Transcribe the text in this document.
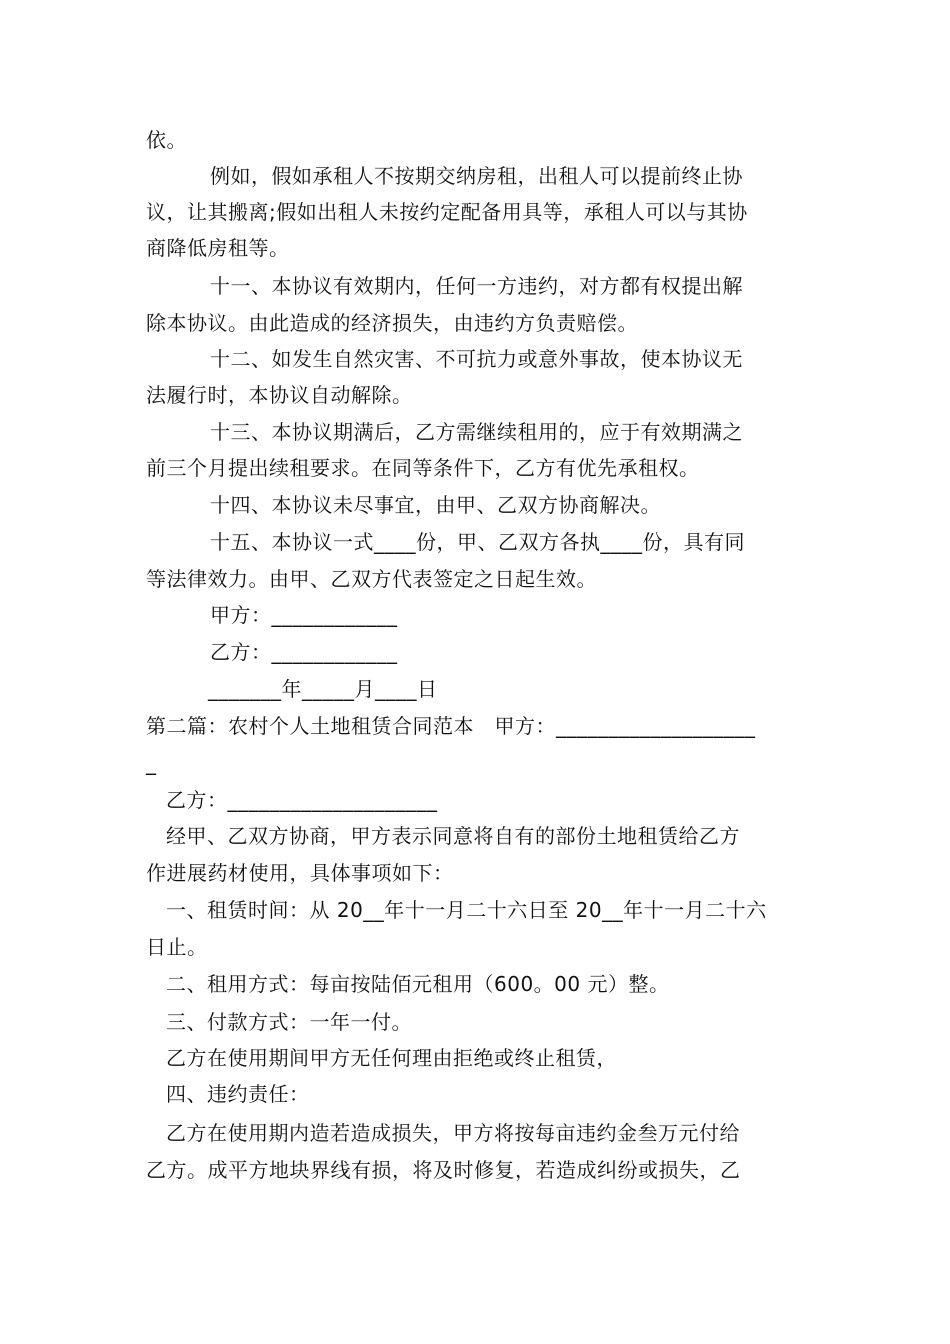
依。
例如，假如承租人不按期交纳房租，出租人可以提前终止协
议，让其搬离;假如出租人未按约定配备用具等，承租人可以与其协
商降低房租等。
十一、本协议有效期内，任何一方违约，对方都有权提出解
除本协议。由此造成的经济损失，由违约方负责赔偿。
十二、如发生自然灾害、不可抗力或意外事故，使本协议无
法履行时，本协议自动解除。
十三、本协议期满后，乙方需继续租用的，应于有效期满之
前三个月提出续租要求。在同等条件下，乙方有优先承租权。
十四、本协议未尽事宜，由甲、乙双方协商解决。
十五、本协议一式____份，甲、乙双方各执____份，具有同
等法律效力。由甲、乙双方代表签定之日起生效。
甲方：____________
乙方：____________
_______年_____月____日
第二篇：农村个人土地租赁合同范本　甲方：___________________
_
乙方：____________________
经甲、乙双方协商，甲方表示同意将自有的部份土地租赁给乙方
作进展药材使用，具体事项如下：
一、租赁时间：从 20__年十一月二十六日至 20__年十一月二十六
日止。
二、租用方式：每亩按陆佰元租用（600。00 元）整。
三、付款方式：一年一付。
乙方在使用期间甲方无任何理由拒绝或终止租赁，
四、违约责任：
乙方在使用期内造若造成损失，甲方将按每亩违约金叁万元付给
乙方。成平方地块界线有损，将及时修复，若造成纠纷或损失，乙
